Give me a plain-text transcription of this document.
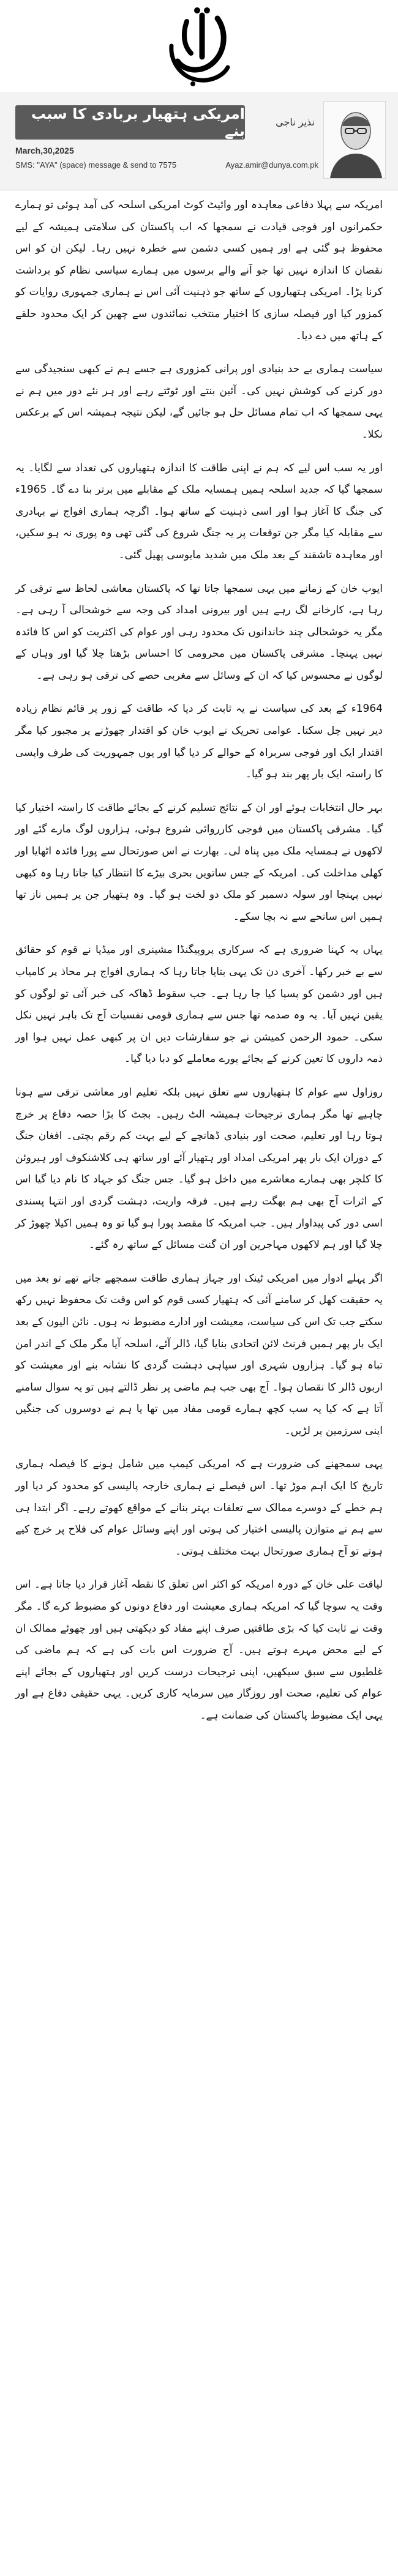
امریکی ہتھیار بربادی کا سبب بنے
March,30,2025
SMS: "AYA" (space) message & send to 7575	Ayaz.amir@dunya.com.pk
نذیر ناجی

امریکہ سے پہلا دفاعی معاہدہ اور وائیٹ کوٹ امریکی اسلحہ کی آمد ہوئی تو ہمارے حکمرانوں اور فوجی قیادت نے سمجھا کہ اب پاکستان کی سلامتی ہمیشہ کے لیے محفوظ ہو گئی ہے اور ہمیں کسی دشمن سے خطرہ نہیں رہا۔ لیکن ان کو اس نقصان کا اندازہ نہیں تھا جو آنے والے برسوں میں ہمارے سیاسی نظام کو برداشت کرنا پڑا۔ امریکی ہتھیاروں کے ساتھ جو ذہنیت آئی اس نے ہماری جمہوری روایات کو کمزور کیا اور فیصلہ سازی کا اختیار منتخب نمائندوں سے چھین کر ایک محدود حلقے کے ہاتھ میں دے دیا۔

سیاست ہماری بے حد بنیادی اور پرانی کمزوری ہے جسے ہم نے کبھی سنجیدگی سے دور کرنے کی کوشش نہیں کی۔ آئین بنتے اور ٹوٹتے رہے اور ہر نئے دور میں ہم نے یہی سمجھا کہ اب تمام مسائل حل ہو جائیں گے، لیکن نتیجہ ہمیشہ اس کے برعکس نکلا۔

اور یہ سب اس لیے کہ ہم نے اپنی طاقت کا اندازہ ہتھیاروں کی تعداد سے لگایا۔ یہ سمجھا گیا کہ جدید اسلحہ ہمیں ہمسایہ ملک کے مقابلے میں برتر بنا دے گا۔ 1965ء کی جنگ کا آغاز ہوا اور اسی ذہنیت کے ساتھ ہوا۔ اگرچہ ہماری افواج نے بہادری سے مقابلہ کیا مگر جن توقعات پر یہ جنگ شروع کی گئی تھی وہ پوری نہ ہو سکیں، اور معاہدہ تاشقند کے بعد ملک میں شدید مایوسی پھیل گئی۔

ایوب خان کے زمانے میں یہی سمجھا جاتا تھا کہ پاکستان معاشی لحاظ سے ترقی کر رہا ہے، کارخانے لگ رہے ہیں اور بیرونی امداد کی وجہ سے خوشحالی آ رہی ہے۔ مگر یہ خوشحالی چند خاندانوں تک محدود رہی اور عوام کی اکثریت کو اس کا فائدہ نہیں پہنچا۔ مشرقی پاکستان میں محرومی کا احساس بڑھتا چلا گیا اور وہاں کے لوگوں نے محسوس کیا کہ ان کے وسائل سے مغربی حصے کی ترقی ہو رہی ہے۔

1964ء کے بعد کی سیاست نے یہ ثابت کر دیا کہ طاقت کے زور پر قائم نظام زیادہ دیر نہیں چل سکتا۔ عوامی تحریک نے ایوب خان کو اقتدار چھوڑنے پر مجبور کیا مگر اقتدار ایک اور فوجی سربراہ کے حوالے کر دیا گیا اور یوں جمہوریت کی طرف واپسی کا راستہ ایک بار پھر بند ہو گیا۔

بہر حال انتخابات ہوئے اور ان کے نتائج تسلیم کرنے کے بجائے طاقت کا راستہ اختیار کیا گیا۔ مشرقی پاکستان میں فوجی کارروائی شروع ہوئی، ہزاروں لوگ مارے گئے اور لاکھوں نے ہمسایہ ملک میں پناہ لی۔ بھارت نے اس صورتحال سے پورا فائدہ اٹھایا اور کھلی مداخلت کی۔ امریکہ کے جس ساتویں بحری بیڑے کا انتظار کیا جاتا رہا وہ کبھی نہیں پہنچا اور سولہ دسمبر کو ملک دو لخت ہو گیا۔ وہ ہتھیار جن پر ہمیں ناز تھا ہمیں اس سانحے سے نہ بچا سکے۔

یہاں یہ کہنا ضروری ہے کہ سرکاری پروپیگنڈا مشینری اور میڈیا نے قوم کو حقائق سے بے خبر رکھا۔ آخری دن تک یہی بتایا جاتا رہا کہ ہماری افواج ہر محاذ پر کامیاب ہیں اور دشمن کو پسپا کیا جا رہا ہے۔ جب سقوط ڈھاکہ کی خبر آئی تو لوگوں کو یقین نہیں آیا۔ یہ وہ صدمہ تھا جس سے ہماری قومی نفسیات آج تک باہر نہیں نکل سکی۔ حمود الرحمن کمیشن نے جو سفارشات دیں ان پر کبھی عمل نہیں ہوا اور ذمہ داروں کا تعین کرنے کے بجائے پورے معاملے کو دبا دیا گیا۔

روزاول سے عوام کا ہتھیاروں سے تعلق نہیں بلکہ تعلیم اور معاشی ترقی سے ہونا چاہیے تھا مگر ہماری ترجیحات ہمیشہ الٹ رہیں۔ بجٹ کا بڑا حصہ دفاع پر خرچ ہوتا رہا اور تعلیم، صحت اور بنیادی ڈھانچے کے لیے بہت کم رقم بچتی۔ افغان جنگ کے دوران ایک بار پھر امریکی امداد اور ہتھیار آئے اور ساتھ ہی کلاشنکوف اور ہیروئن کا کلچر بھی ہمارے معاشرے میں داخل ہو گیا۔ جس جنگ کو جہاد کا نام دیا گیا اس کے اثرات آج بھی ہم بھگت رہے ہیں۔ فرقہ واریت، دہشت گردی اور انتہا پسندی اسی دور کی پیداوار ہیں۔ جب امریکہ کا مقصد پورا ہو گیا تو وہ ہمیں اکیلا چھوڑ کر چلا گیا اور ہم لاکھوں مہاجرین اور ان گنت مسائل کے ساتھ رہ گئے۔

اگر پہلے ادوار میں امریکی ٹینک اور جہاز ہماری طاقت سمجھے جاتے تھے تو بعد میں یہ حقیقت کھل کر سامنے آئی کہ ہتھیار کسی قوم کو اس وقت تک محفوظ نہیں رکھ سکتے جب تک اس کی سیاست، معیشت اور ادارے مضبوط نہ ہوں۔ نائن الیون کے بعد ایک بار پھر ہمیں فرنٹ لائن اتحادی بنایا گیا، ڈالر آئے، اسلحہ آیا مگر ملک کے اندر امن تباہ ہو گیا۔ ہزاروں شہری اور سپاہی دہشت گردی کا نشانہ بنے اور معیشت کو اربوں ڈالر کا نقصان ہوا۔ آج بھی جب ہم ماضی پر نظر ڈالتے ہیں تو یہ سوال سامنے آتا ہے کہ کیا یہ سب کچھ ہمارے قومی مفاد میں تھا یا ہم نے دوسروں کی جنگیں اپنی سرزمین پر لڑیں۔

یہی سمجھنے کی ضرورت ہے کہ امریکی کیمپ میں شامل ہونے کا فیصلہ ہماری تاریخ کا ایک اہم موڑ تھا۔ اس فیصلے نے ہماری خارجہ پالیسی کو محدود کر دیا اور ہم خطے کے دوسرے ممالک سے تعلقات بہتر بنانے کے مواقع کھوتے رہے۔ اگر ابتدا ہی سے ہم نے متوازن پالیسی اختیار کی ہوتی اور اپنے وسائل عوام کی فلاح پر خرچ کیے ہوتے تو آج ہماری صورتحال بہت مختلف ہوتی۔

لیاقت علی خان کے دورہ امریکہ کو اکثر اس تعلق کا نقطہ آغاز قرار دیا جاتا ہے۔ اس وقت یہ سوچا گیا کہ امریکہ ہماری معیشت اور دفاع دونوں کو مضبوط کرے گا۔ مگر وقت نے ثابت کیا کہ بڑی طاقتیں صرف اپنے مفاد کو دیکھتی ہیں اور چھوٹے ممالک ان کے لیے محض مہرے ہوتے ہیں۔ آج ضرورت اس بات کی ہے کہ ہم ماضی کی غلطیوں سے سبق سیکھیں، اپنی ترجیحات درست کریں اور ہتھیاروں کے بجائے اپنے عوام کی تعلیم، صحت اور روزگار میں سرمایہ کاری کریں۔ یہی حقیقی دفاع ہے اور یہی ایک مضبوط پاکستان کی ضمانت ہے۔
